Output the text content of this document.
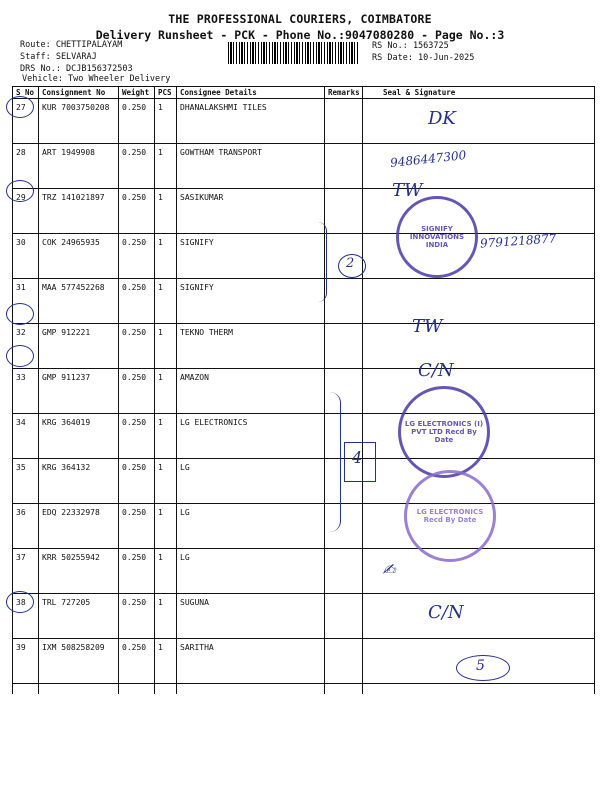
THE PROFESSIONAL COURIERS, COIMBATORE
Delivery Runsheet - PCK - Phone No.:9047080280 - Page No.:3
Route: CHETTIPALAYAM
Staff: SELVARAJ
DRS No.: DCJB156372503
Vehicle: Two Wheeler Delivery
RS No.: 1563725
RS Date: 10-Jun-2025
S No	Consignment No	Weight	PCS	Consignee Details	Remarks	Seal & Signature
27	KUR 7003750208	0.250	1	DHANALAKSHMI TILES		
28	ART 1949908	0.250	1	GOWTHAM TRANSPORT		
29	TRZ 141021897	0.250	1	SASIKUMAR		
30	COK 24965935	0.250	1	SIGNIFY		
31	MAA 577452268	0.250	1	SIGNIFY		
32	GMP 912221	0.250	1	TEKNO THERM		
33	GMP 911237	0.250	1	AMAZON		
34	KRG 364019	0.250	1	LG ELECTRONICS		
35	KRG 364132	0.250	1	LG		
36	EDQ 22332978	0.250	1	LG		
37	KRR 50255942	0.250	1	LG		
38	TRL 727205	0.250	1	SUGUNA		
39	IXM 508258209	0.250	1	SARITHA		

DK
9486447300
TW
9791218877
TW
C/N
C/N
✍︎
2
4
5
SIGNIFY INNOVATIONS INDIA
LG ELECTRONICS (I) PVT LTD Recd By Date
LG ELECTRONICS Recd By Date
